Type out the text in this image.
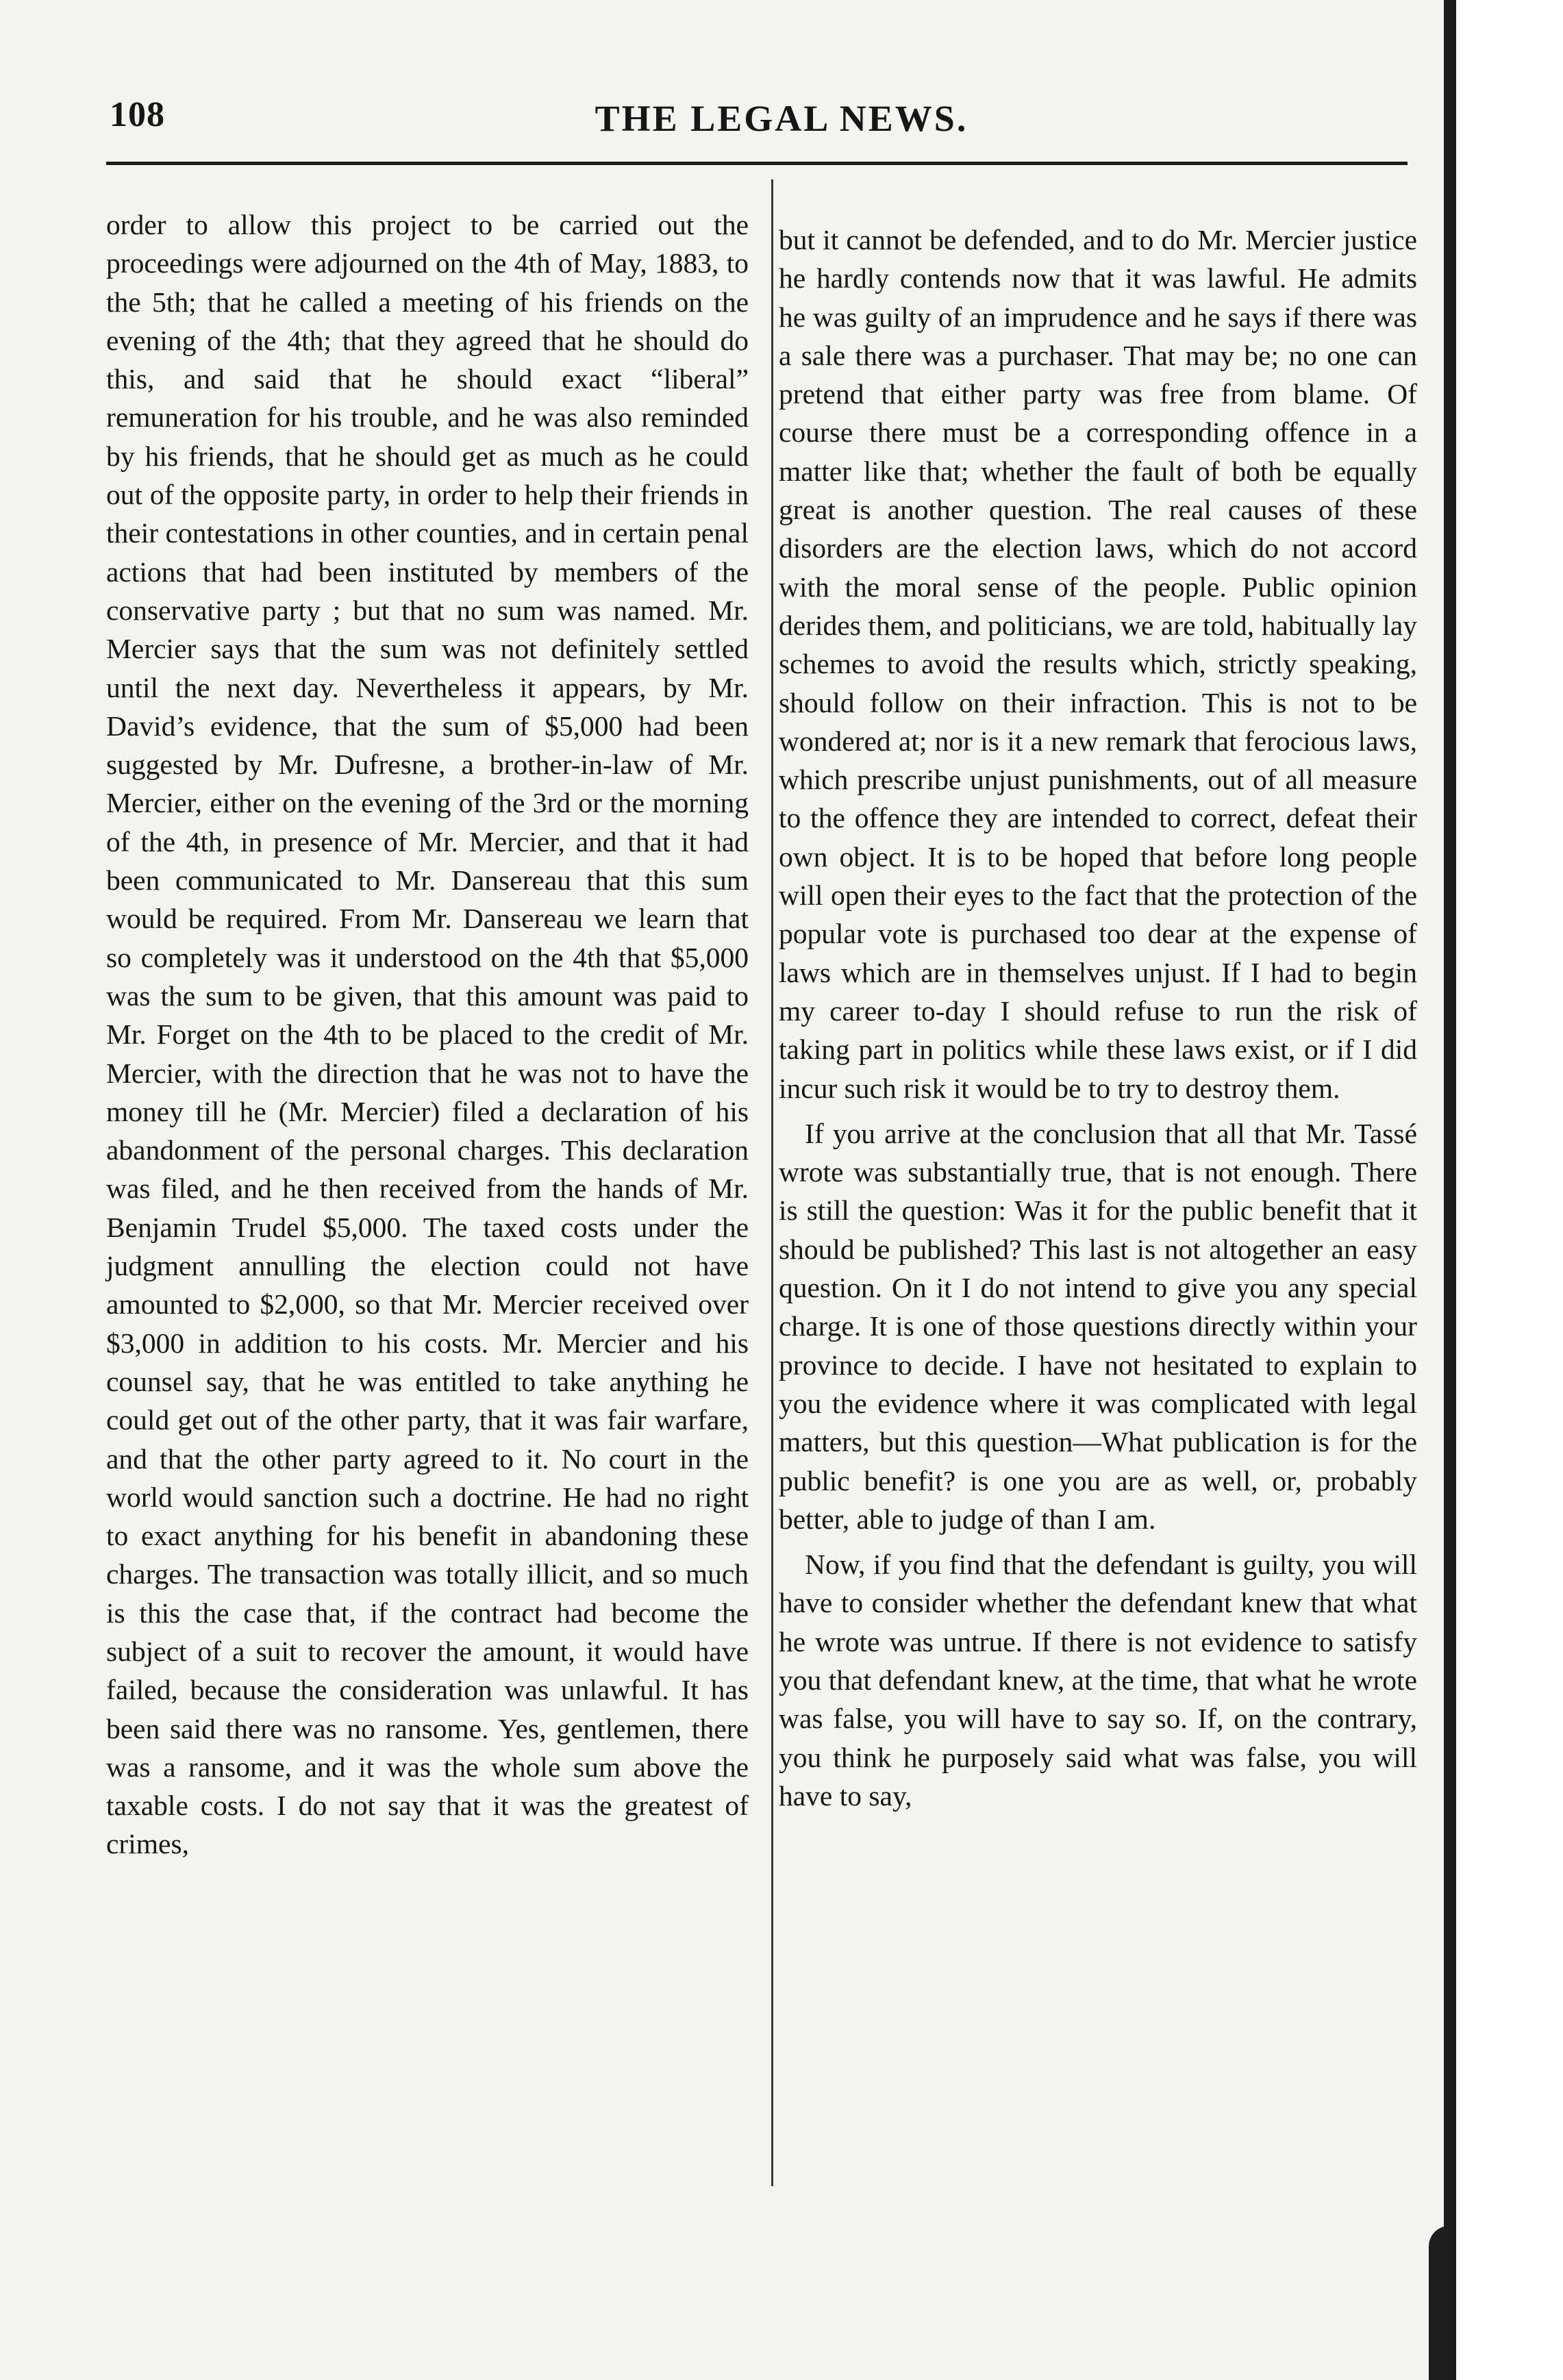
108	THE LEGAL NEWS.

order to allow this project to be carried out the proceedings were adjourned on the 4th of May, 1883, to the 5th; that he called a meeting of his friends on the evening of the 4th; that they agreed that he should do this, and said that he should exact “liberal” remuneration for his trouble, and he was also reminded by his friends, that he should get as much as he could out of the opposite party, in order to help their friends in their contestations in other counties, and in certain penal actions that had been instituted by members of the conservative party ; but that no sum was named. Mr. Mercier says that the sum was not definitely settled until the next day. Nevertheless it appears, by Mr. David’s evidence, that the sum of $5,000 had been suggested by Mr. Dufresne, a brother-in-law of Mr. Mercier, either on the evening of the 3rd or the morning of the 4th, in presence of Mr. Mercier, and that it had been communicated to Mr. Dansereau that this sum would be required. From Mr. Dansereau we learn that so completely was it understood on the 4th that $5,000 was the sum to be given, that this amount was paid to Mr. Forget on the 4th to be placed to the credit of Mr. Mercier, with the direction that he was not to have the money till he (Mr. Mercier) filed a declaration of his abandonment of the personal charges. This declaration was filed, and he then received from the hands of Mr. Benjamin Trudel $5,000. The taxed costs under the judgment annulling the election could not have amounted to $2,000, so that Mr. Mercier received over $3,000 in addition to his costs. Mr. Mercier and his counsel say, that he was entitled to take anything he could get out of the other party, that it was fair warfare, and that the other party agreed to it. No court in the world would sanction such a doctrine. He had no right to exact anything for his benefit in abandoning these charges. The transaction was totally illicit, and so much is this the case that, if the contract had become the subject of a suit to recover the amount, it would have failed, because the consideration was unlawful. It has been said there was no ransome. Yes, gentlemen, there was a ransome, and it was the whole sum above the taxable costs. I do not say that it was the greatest of crimes,

but it cannot be defended, and to do Mr. Mercier justice he hardly contends now that it was lawful. He admits he was guilty of an imprudence and he says if there was a sale there was a purchaser. That may be; no one can pretend that either party was free from blame. Of course there must be a corresponding offence in a matter like that; whether the fault of both be equally great is another question. The real causes of these disorders are the election laws, which do not accord with the moral sense of the people. Public opinion derides them, and politicians, we are told, habitually lay schemes to avoid the results which, strictly speaking, should follow on their infraction. This is not to be wondered at; nor is it a new remark that ferocious laws, which prescribe unjust punishments, out of all measure to the offence they are intended to correct, defeat their own object. It is to be hoped that before long people will open their eyes to the fact that the protection of the popular vote is purchased too dear at the expense of laws which are in themselves unjust. If I had to begin my career to-day I should refuse to run the risk of taking part in politics while these laws exist, or if I did incur such risk it would be to try to destroy them.

If you arrive at the conclusion that all that Mr. Tassé wrote was substantially true, that is not enough. There is still the question: Was it for the public benefit that it should be published? This last is not altogether an easy question. On it I do not intend to give you any special charge. It is one of those questions directly within your province to decide. I have not hesitated to explain to you the evidence where it was complicated with legal matters, but this question—What publication is for the public benefit? is one you are as well, or, probably better, able to judge of than I am.

Now, if you find that the defendant is guilty, you will have to consider whether the defendant knew that what he wrote was untrue. If there is not evidence to satisfy you that defendant knew, at the time, that what he wrote was false, you will have to say so. If, on the contrary, you think he purposely said what was false, you will have to say,
